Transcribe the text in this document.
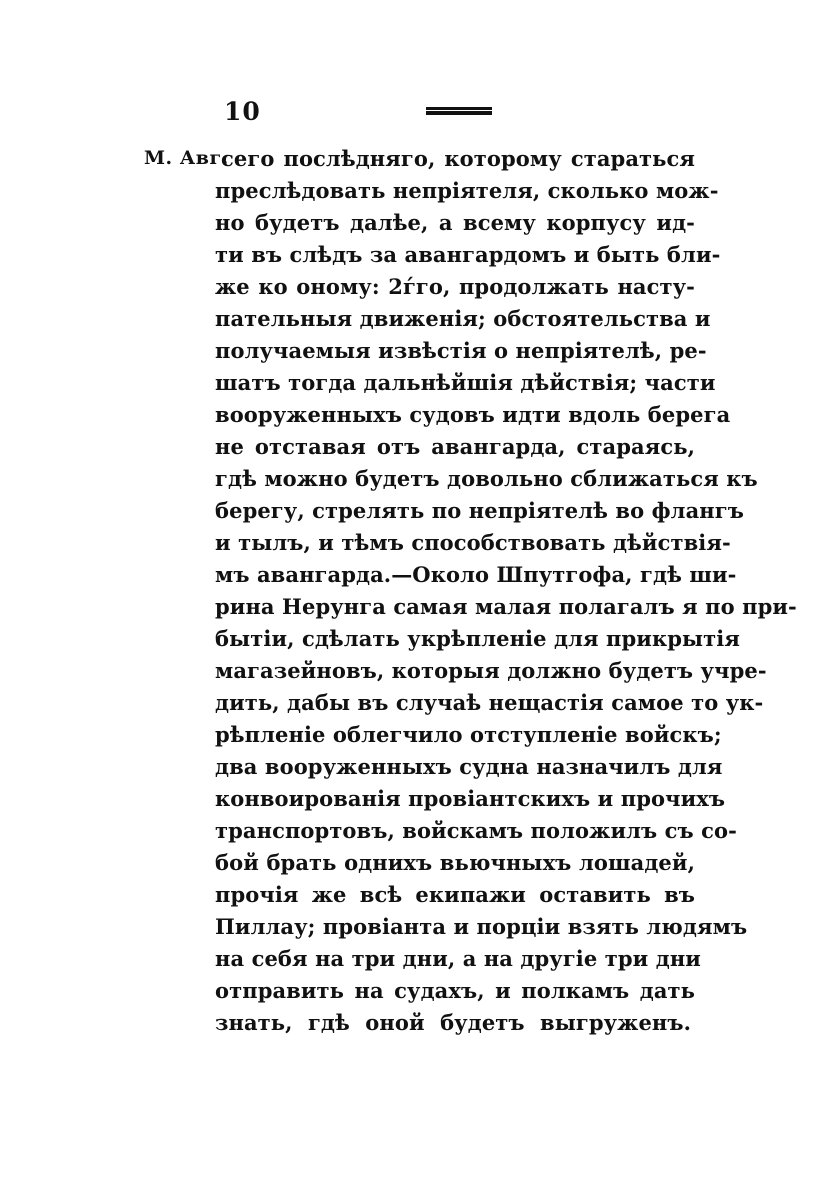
10
M. Авг.
сего послѣдняго, которому стараться
преслѣдовать непріятеля, сколько мож-
но будетъ далѣе, а всему корпусу ид-
ти въ слѣдъ за авангардомъ и быть бли-
же ко оному: 2ѓго, продолжать насту-
пательныя движенія; обстоятельства и
получаемыя извѣстія о непріятелѣ, ре-
шатъ тогда дальнѣйшія дѣйствія; части
вооруженныхъ судовъ идти вдоль берега
не отставая отъ авангарда, стараясь,
гдѣ можно будетъ довольно сближаться къ
берегу, стрелять по непріятелѣ во флангъ
и тылъ, и тѣмъ способствовать дѣйствія-
мъ авангарда.—Около Шпутгофа, гдѣ ши-
рина Нерунга самая малая полагалъ я по при-
бытіи, сдѣлать укрѣпленіе для прикрытія
магазейновъ, которыя должно будетъ учре-
дить, дабы въ случаѣ нещастія самое то ук-
рѣпленіе облегчило отступленіе войскъ;
два вооруженныхъ судна назначилъ для
конвоированія провіантскихъ и прочихъ
транспортовъ, войскамъ положилъ съ со-
бой брать однихъ вьючныхъ лошадей,
прочія же всѣ екипажи оставить въ
Пиллау; провіанта и порціи взять людямъ
на себя на три дни, а на другіе три дни
отправить на судахъ, и полкамъ дать
знать, гдѣ оной будетъ выгруженъ.
